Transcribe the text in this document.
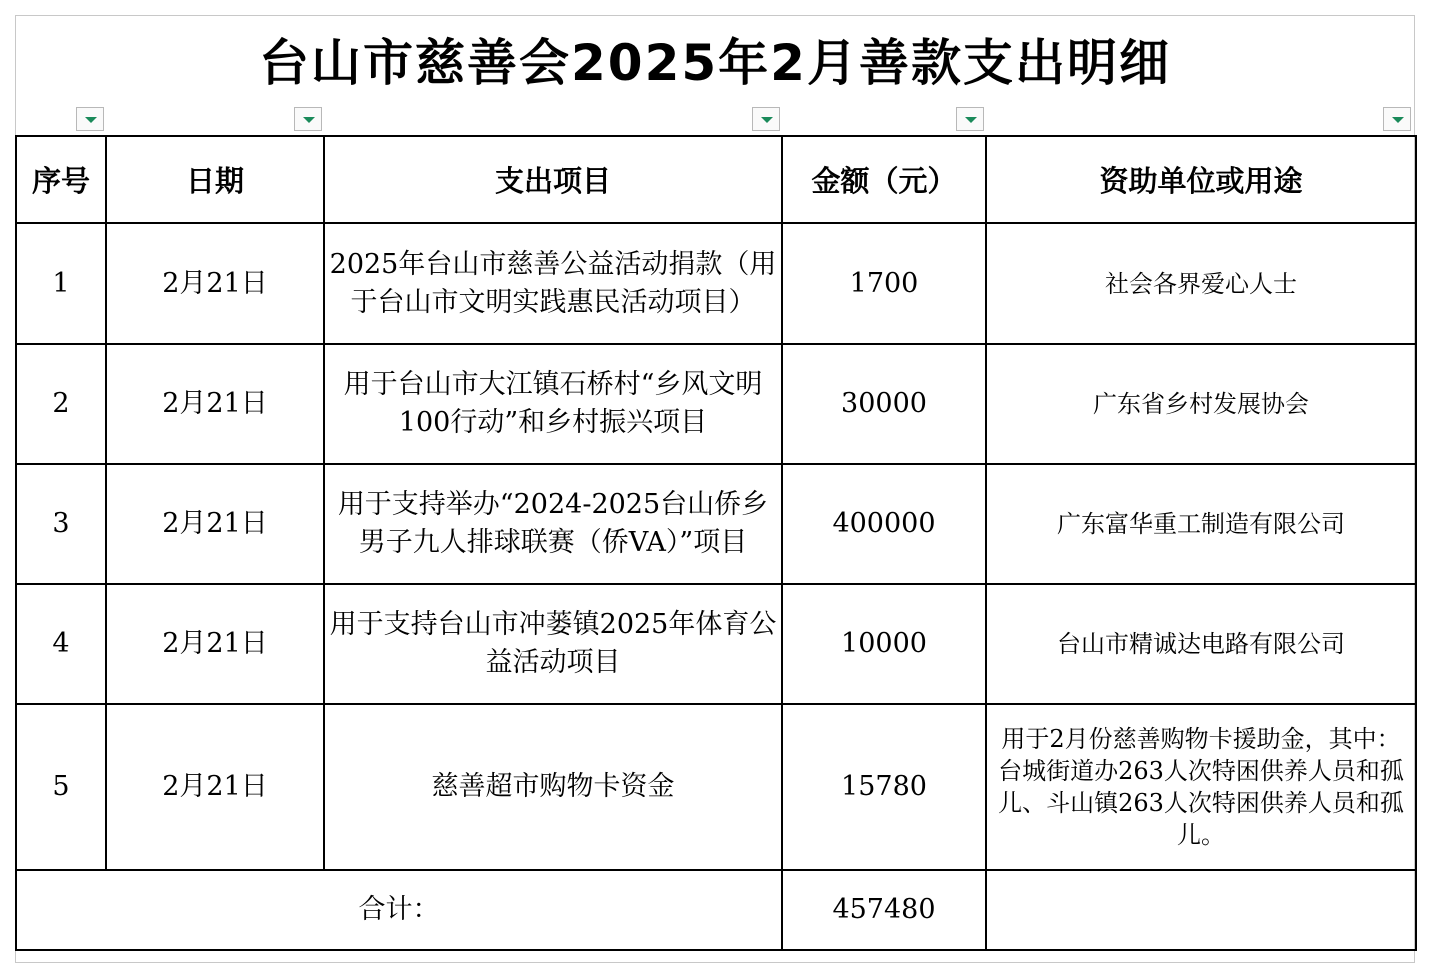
台山市慈善会2025年2月善款支出明细
序号	日期	支出项目	金额（元）	资助单位或用途
1	2月21日	2025年台山市慈善公益活动捐款（用于台山市文明实践惠民活动项目）	1700	社会各界爱心人士
2	2月21日	用于台山市大江镇石桥村“乡风文明100行动”和乡村振兴项目	30000	广东省乡村发展协会
3	2月21日	用于支持举办“2024-2025台山侨乡男子九人排球联赛（侨VA）”项目	400000	广东富华重工制造有限公司
4	2月21日	用于支持台山市冲蒌镇2025年体育公益活动项目	10000	台山市精诚达电路有限公司
5	2月21日	慈善超市购物卡资金	15780	用于2月份慈善购物卡援助金，其中：台城街道办263人次特困供养人员和孤儿、斗山镇263人次特困供养人员和孤儿。
合计：			457480	
